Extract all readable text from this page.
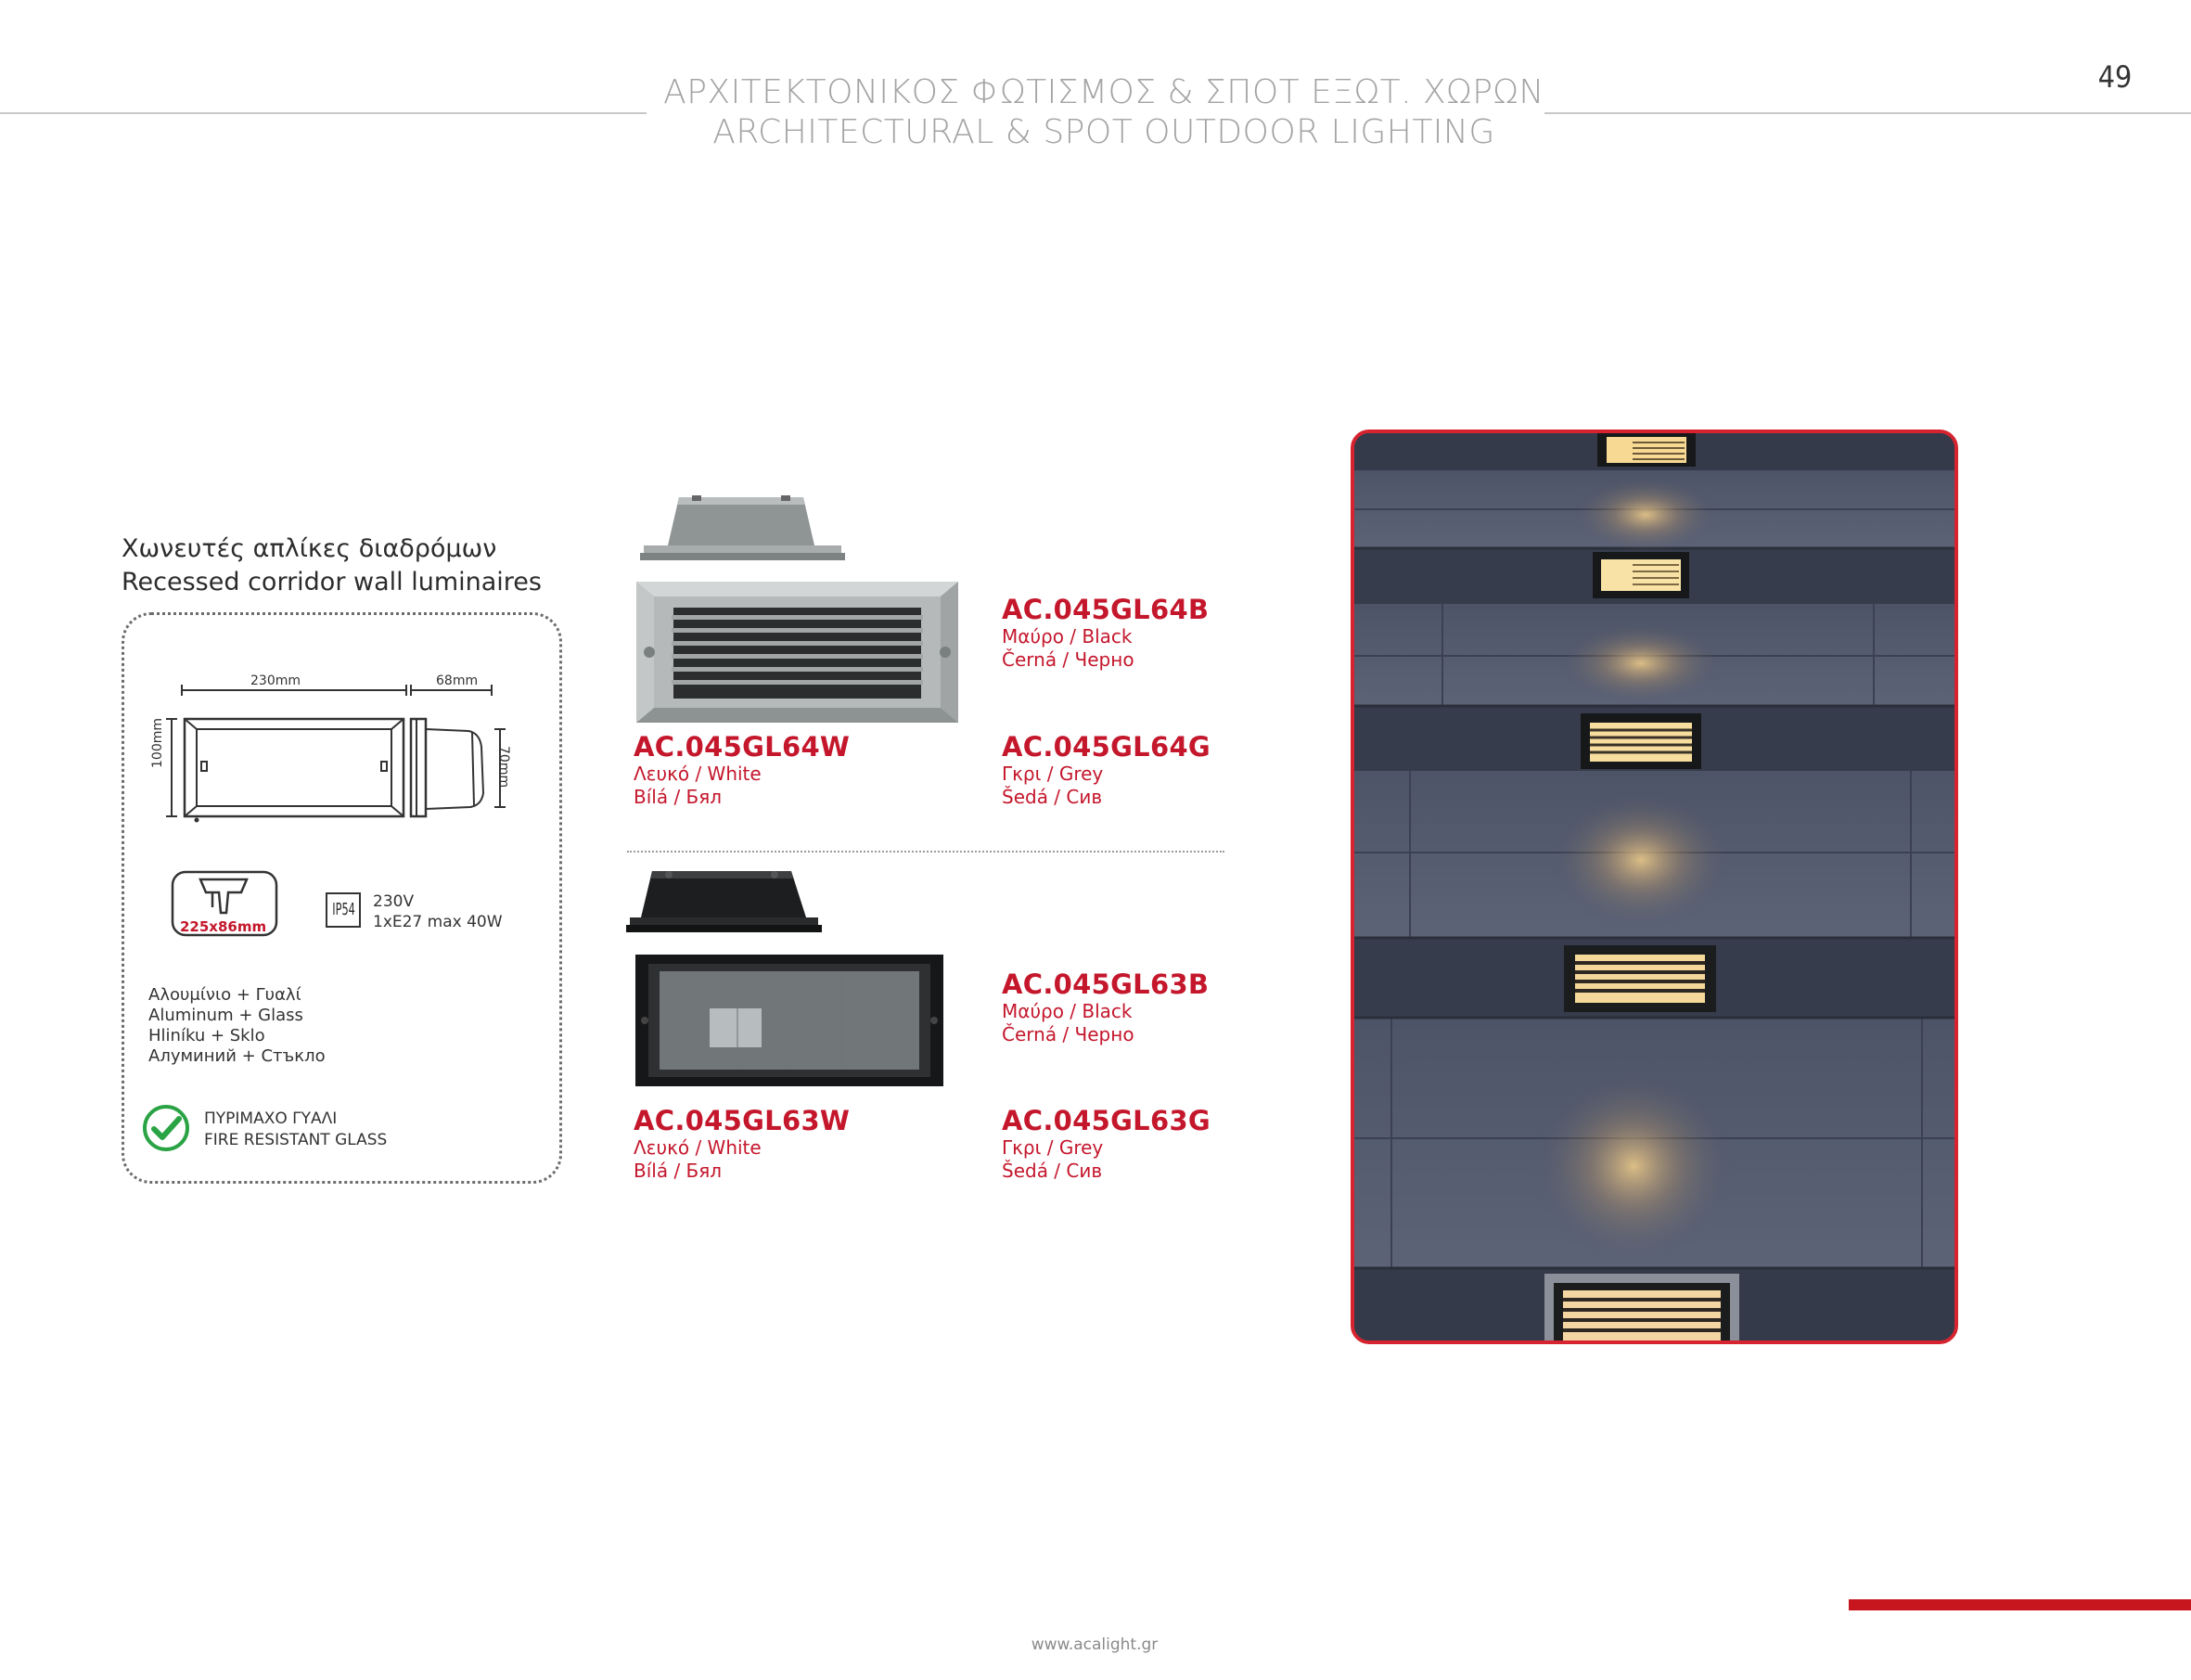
ΑΡΧΙΤΕΚΤΟΝΙΚΟΣ ΦΩΤΙΣΜΟΣ & ΣΠΟΤ ΕΞΩΤ. ΧΩΡΩΝ
ARCHITECTURAL & SPOT OUTDOOR LIGHTING
49
Χωνευτές απλίκες διαδρόμων
Recessed corridor wall luminaires
230mm
100mm
68mm
70mm
225x86mm
IP54	230V
1xE27 max 40W
Αλουμίνιο + Γυαλί
Aluminum + Glass
Hliníku + Sklo
Алуминий + Стъкло
ΠΥΡΙΜΑΧΟ ΓΥΑΛΙ
FIRE RESISTANT GLASS
AC.045GL64B
Μαύρο / Black
Černá / Черно
AC.045GL64W
Λευκό / White
Bílá / Бял
AC.045GL64G
Γκρι / Grey
Šedá / Сив
AC.045GL63B
Μαύρο / Black
Černá / Черно
AC.045GL63W
Λευκό / White
Bílá / Бял
AC.045GL63G
Γκρι / Grey
Šedá / Сив
www.acalight.gr
